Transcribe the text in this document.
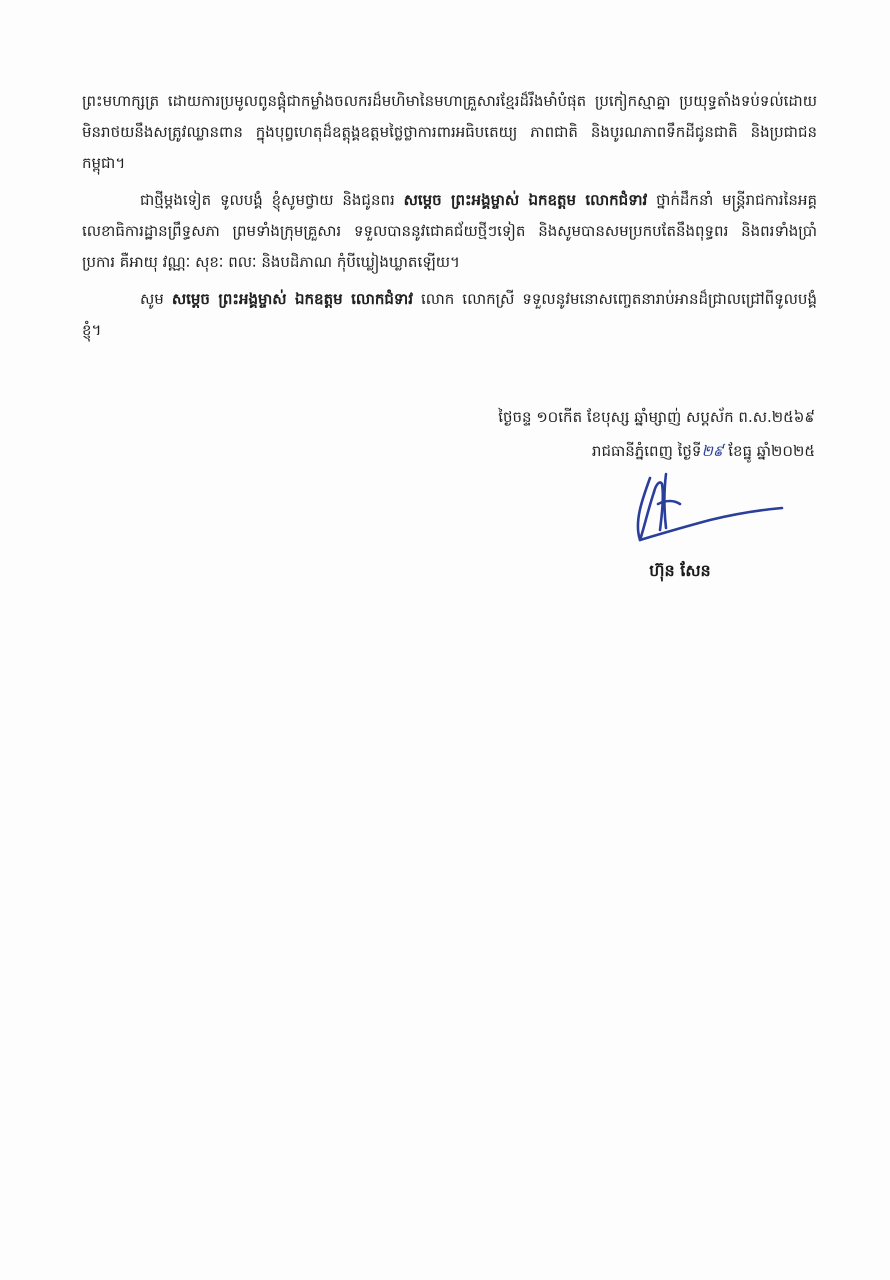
ព្រះមហាក្សត្រ ដោយការប្រមូលពូនផ្តុំជាកម្លាំងចលករដ៏មហិមានៃមហាគ្រួសារខ្មែរដ៏រឹងមាំបំផុត ប្រកៀកស្មាគ្នា ប្រយុទ្ធតាំងទប់ទល់ដោយមិនរាថយនឹងសត្រូវឈ្លានពាន ក្នុងបុព្វហេតុដ៏ឧត្តុង្គឧត្តមថ្លៃថ្លាការពារអធិបតេយ្យ ភាពជាតិ និងបូរណភាពទឹកដីជូនជាតិ និងប្រជាជនកម្ពុជា។

ជាថ្មីម្តងទៀត ទូលបង្គំ ខ្ញុំសូមថ្វាយ និងជូនពរ សម្តេច ព្រះអង្គម្ចាស់ ឯកឧត្តម លោកជំទាវ ថ្នាក់ដឹកនាំ មន្ត្រីរាជការនៃអគ្គលេខាធិការដ្ឋានព្រឹទ្ធសភា ព្រមទាំងក្រុមគ្រួសារ ទទួលបាននូវជោគជ័យថ្មីៗទៀត និងសូមបានសមប្រកបតែនឹងពុទ្ធពរ និងពរទាំងប្រាំប្រការ គឺអាយុ វណ្ណៈ សុខៈ ពលៈ និងបដិភាណ កុំបីឃ្លៀងឃ្លាតឡើយ។

សូម សម្តេច ព្រះអង្គម្ចាស់ ឯកឧត្តម លោកជំទាវ លោក លោកស្រី ទទួលនូវមនោសញ្ចេតនារាប់អានដ៏ជ្រាលជ្រៅពីទូលបង្គំ ខ្ញុំ។

ថ្ងៃចន្ទ ១០កើត ខែបុស្ស ឆ្នាំម្សាញ់ សប្តស័ក ព.ស.២៥៦៩
រាជធានីភ្នំពេញ ថ្ងៃទី២៩ ខែធ្នូ ឆ្នាំ២០២៥
ហ៊ុន សែន
